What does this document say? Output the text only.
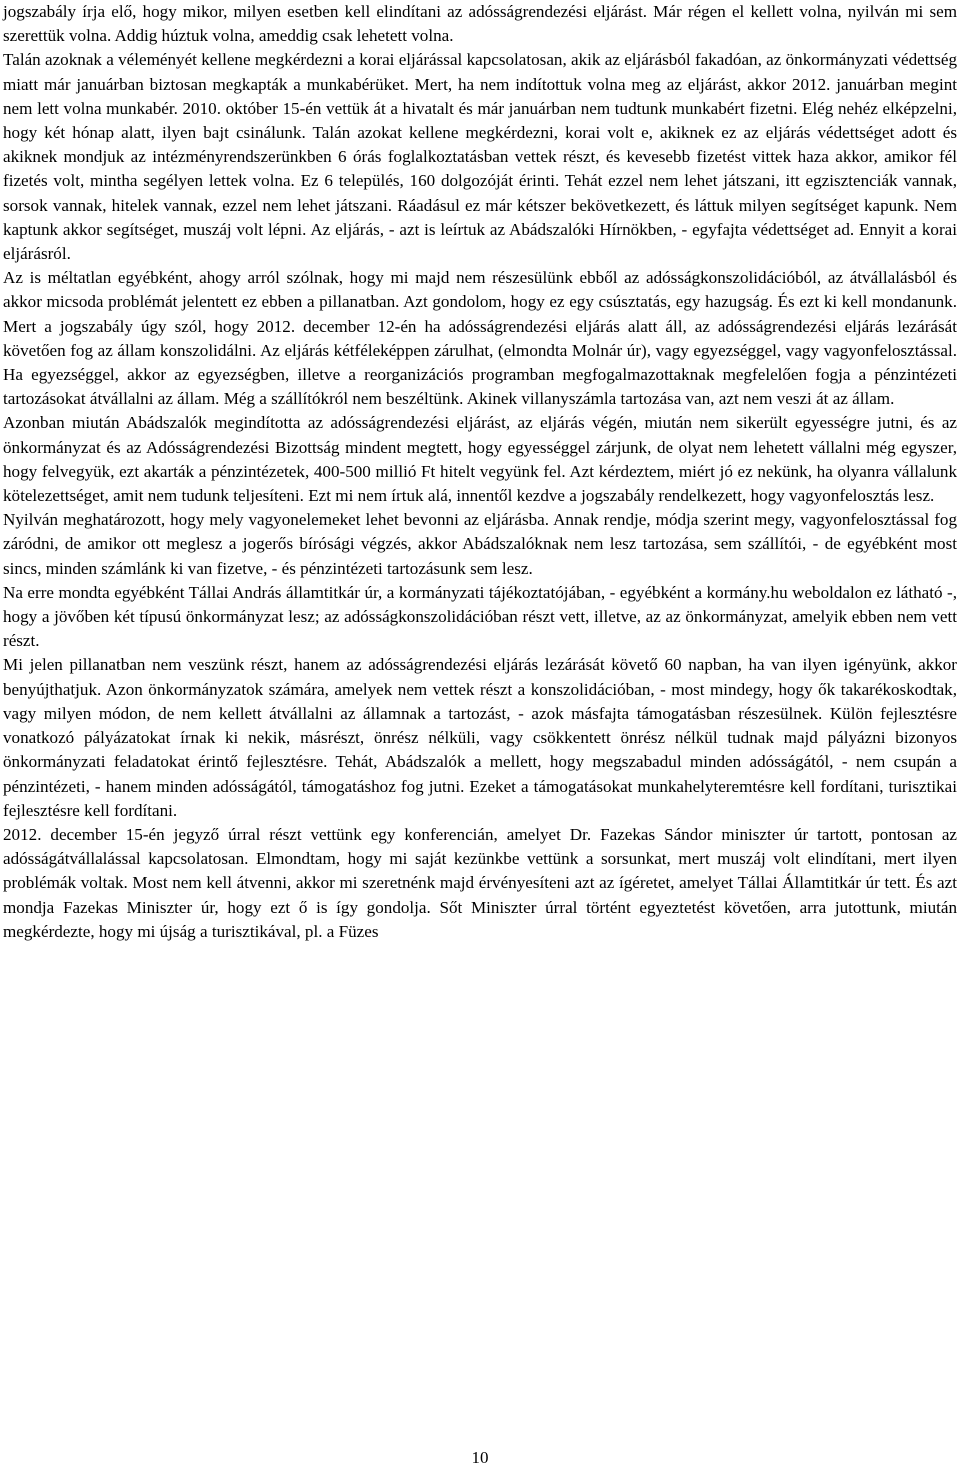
jogszabály írja elő, hogy mikor, milyen esetben kell elindítani az adósságrendezési eljárást. Már régen el kellett volna, nyilván mi sem szerettük volna. Addig húztuk volna, ameddig csak lehetett volna.

Talán azoknak a véleményét kellene megkérdezni a korai eljárással kapcsolatosan, akik az eljárásból fakadóan, az önkormányzati védettség miatt már januárban biztosan megkapták a munkabérüket. Mert, ha nem indítottuk volna meg az eljárást, akkor 2012. januárban megint nem lett volna munkabér. 2010. október 15-én vettük át a hivatalt és már januárban nem tudtunk munkabért fizetni. Elég nehéz elképzelni, hogy két hónap alatt, ilyen bajt csinálunk. Talán azokat kellene megkérdezni, korai volt e, akiknek ez az eljárás védettséget adott és akiknek mondjuk az intézményrendszerünkben 6 órás foglalkoztatásban vettek részt, és kevesebb fizetést vittek haza akkor, amikor fél fizetés volt, mintha segélyen lettek volna. Ez 6 település, 160 dolgozóját érinti. Tehát ezzel nem lehet játszani, itt egzisztenciák vannak, sorsok vannak, hitelek vannak, ezzel nem lehet játszani. Ráadásul ez már kétszer bekövetkezett, és láttuk milyen segítséget kapunk. Nem kaptunk akkor segítséget, muszáj volt lépni. Az eljárás, - azt is leírtuk az Abádszalóki Hírnökben, - egyfajta védettséget ad. Ennyit a korai eljárásról.

Az is méltatlan egyébként, ahogy arról szólnak, hogy mi majd nem részesülünk ebből az adósságkonszolidációból, az átvállalásból és akkor micsoda problémát jelentett ez ebben a pillanatban. Azt gondolom, hogy ez egy csúsztatás, egy hazugság. És ezt ki kell mondanunk. Mert a jogszabály úgy szól, hogy 2012. december 12-én ha adósságrendezési eljárás alatt áll, az adósságrendezési eljárás lezárását követően fog az állam konszolidálni. Az eljárás kétféleképpen zárulhat, (elmondta Molnár úr), vagy egyezséggel, vagy vagyonfelosztással. Ha egyezséggel, akkor az egyezségben, illetve a reorganizációs programban megfogalmazottaknak megfelelően fogja a pénzintézeti tartozásokat átvállalni az állam. Még a szállítókról nem beszéltünk. Akinek villanyszámla tartozása van, azt nem veszi át az állam.

Azonban miután Abádszalók megindította az adósságrendezési eljárást, az eljárás végén, miután nem sikerült egyességre jutni, és az önkormányzat és az Adósságrendezési Bizottság mindent megtett, hogy egyességgel zárjunk, de olyat nem lehetett vállalni még egyszer, hogy felvegyük, ezt akarták a pénzintézetek, 400-500 millió Ft hitelt vegyünk fel. Azt kérdeztem, miért jó ez nekünk, ha olyanra vállalunk kötelezettséget, amit nem tudunk teljesíteni. Ezt mi nem írtuk alá, innentől kezdve a jogszabály rendelkezett, hogy vagyonfelosztás lesz.

Nyilván meghatározott, hogy mely vagyonelemeket lehet bevonni az eljárásba. Annak rendje, módja szerint megy, vagyonfelosztással fog záródni, de amikor ott meglesz a jogerős bírósági végzés, akkor Abádszalóknak nem lesz tartozása, sem szállítói, - de egyébként most sincs, minden számlánk ki van fizetve, - és pénzintézeti tartozásunk sem lesz.

Na erre mondta egyébként Tállai András államtitkár úr, a kormányzati tájékoztatójában, - egyébként a kormány.hu weboldalon ez látható -, hogy a jövőben két típusú önkormányzat lesz; az adósságkonszolidációban részt vett, illetve, az az önkormányzat, amelyik ebben nem vett részt.

Mi jelen pillanatban nem veszünk részt, hanem az adósságrendezési eljárás lezárását követő 60 napban, ha van ilyen igényünk, akkor benyújthatjuk. Azon önkormányzatok számára, amelyek nem vettek részt a konszolidációban, - most mindegy, hogy ők takarékoskodtak, vagy milyen módon, de nem kellett átvállalni az államnak a tartozást, - azok másfajta támogatásban részesülnek. Külön fejlesztésre vonatkozó pályázatokat írnak ki nekik, másrészt, önrész nélküli, vagy csökkentett önrész nélkül tudnak majd pályázni bizonyos önkormányzati feladatokat érintő fejlesztésre. Tehát, Abádszalók a mellett, hogy megszabadul minden adósságától, - nem csupán a pénzintézeti, - hanem minden adósságától, támogatáshoz fog jutni. Ezeket a támogatásokat munkahelyteremtésre kell fordítani, turisztikai fejlesztésre kell fordítani.

2012. december 15-én jegyző úrral részt vettünk egy konferencián, amelyet Dr. Fazekas Sándor miniszter úr tartott, pontosan az adósságátvállalással kapcsolatosan. Elmondtam, hogy mi saját kezünkbe vettünk a sorsunkat, mert muszáj volt elindítani, mert ilyen problémák voltak. Most nem kell átvenni, akkor mi szeretnénk majd érvényesíteni azt az ígéretet, amelyet Tállai Államtitkár úr tett. És azt mondja Fazekas Miniszter úr, hogy ezt ő is így gondolja. Sőt Miniszter úrral történt egyeztetést követően, arra jutottunk, miután megkérdezte, hogy mi újság a turisztikával, pl. a Füzes

10
